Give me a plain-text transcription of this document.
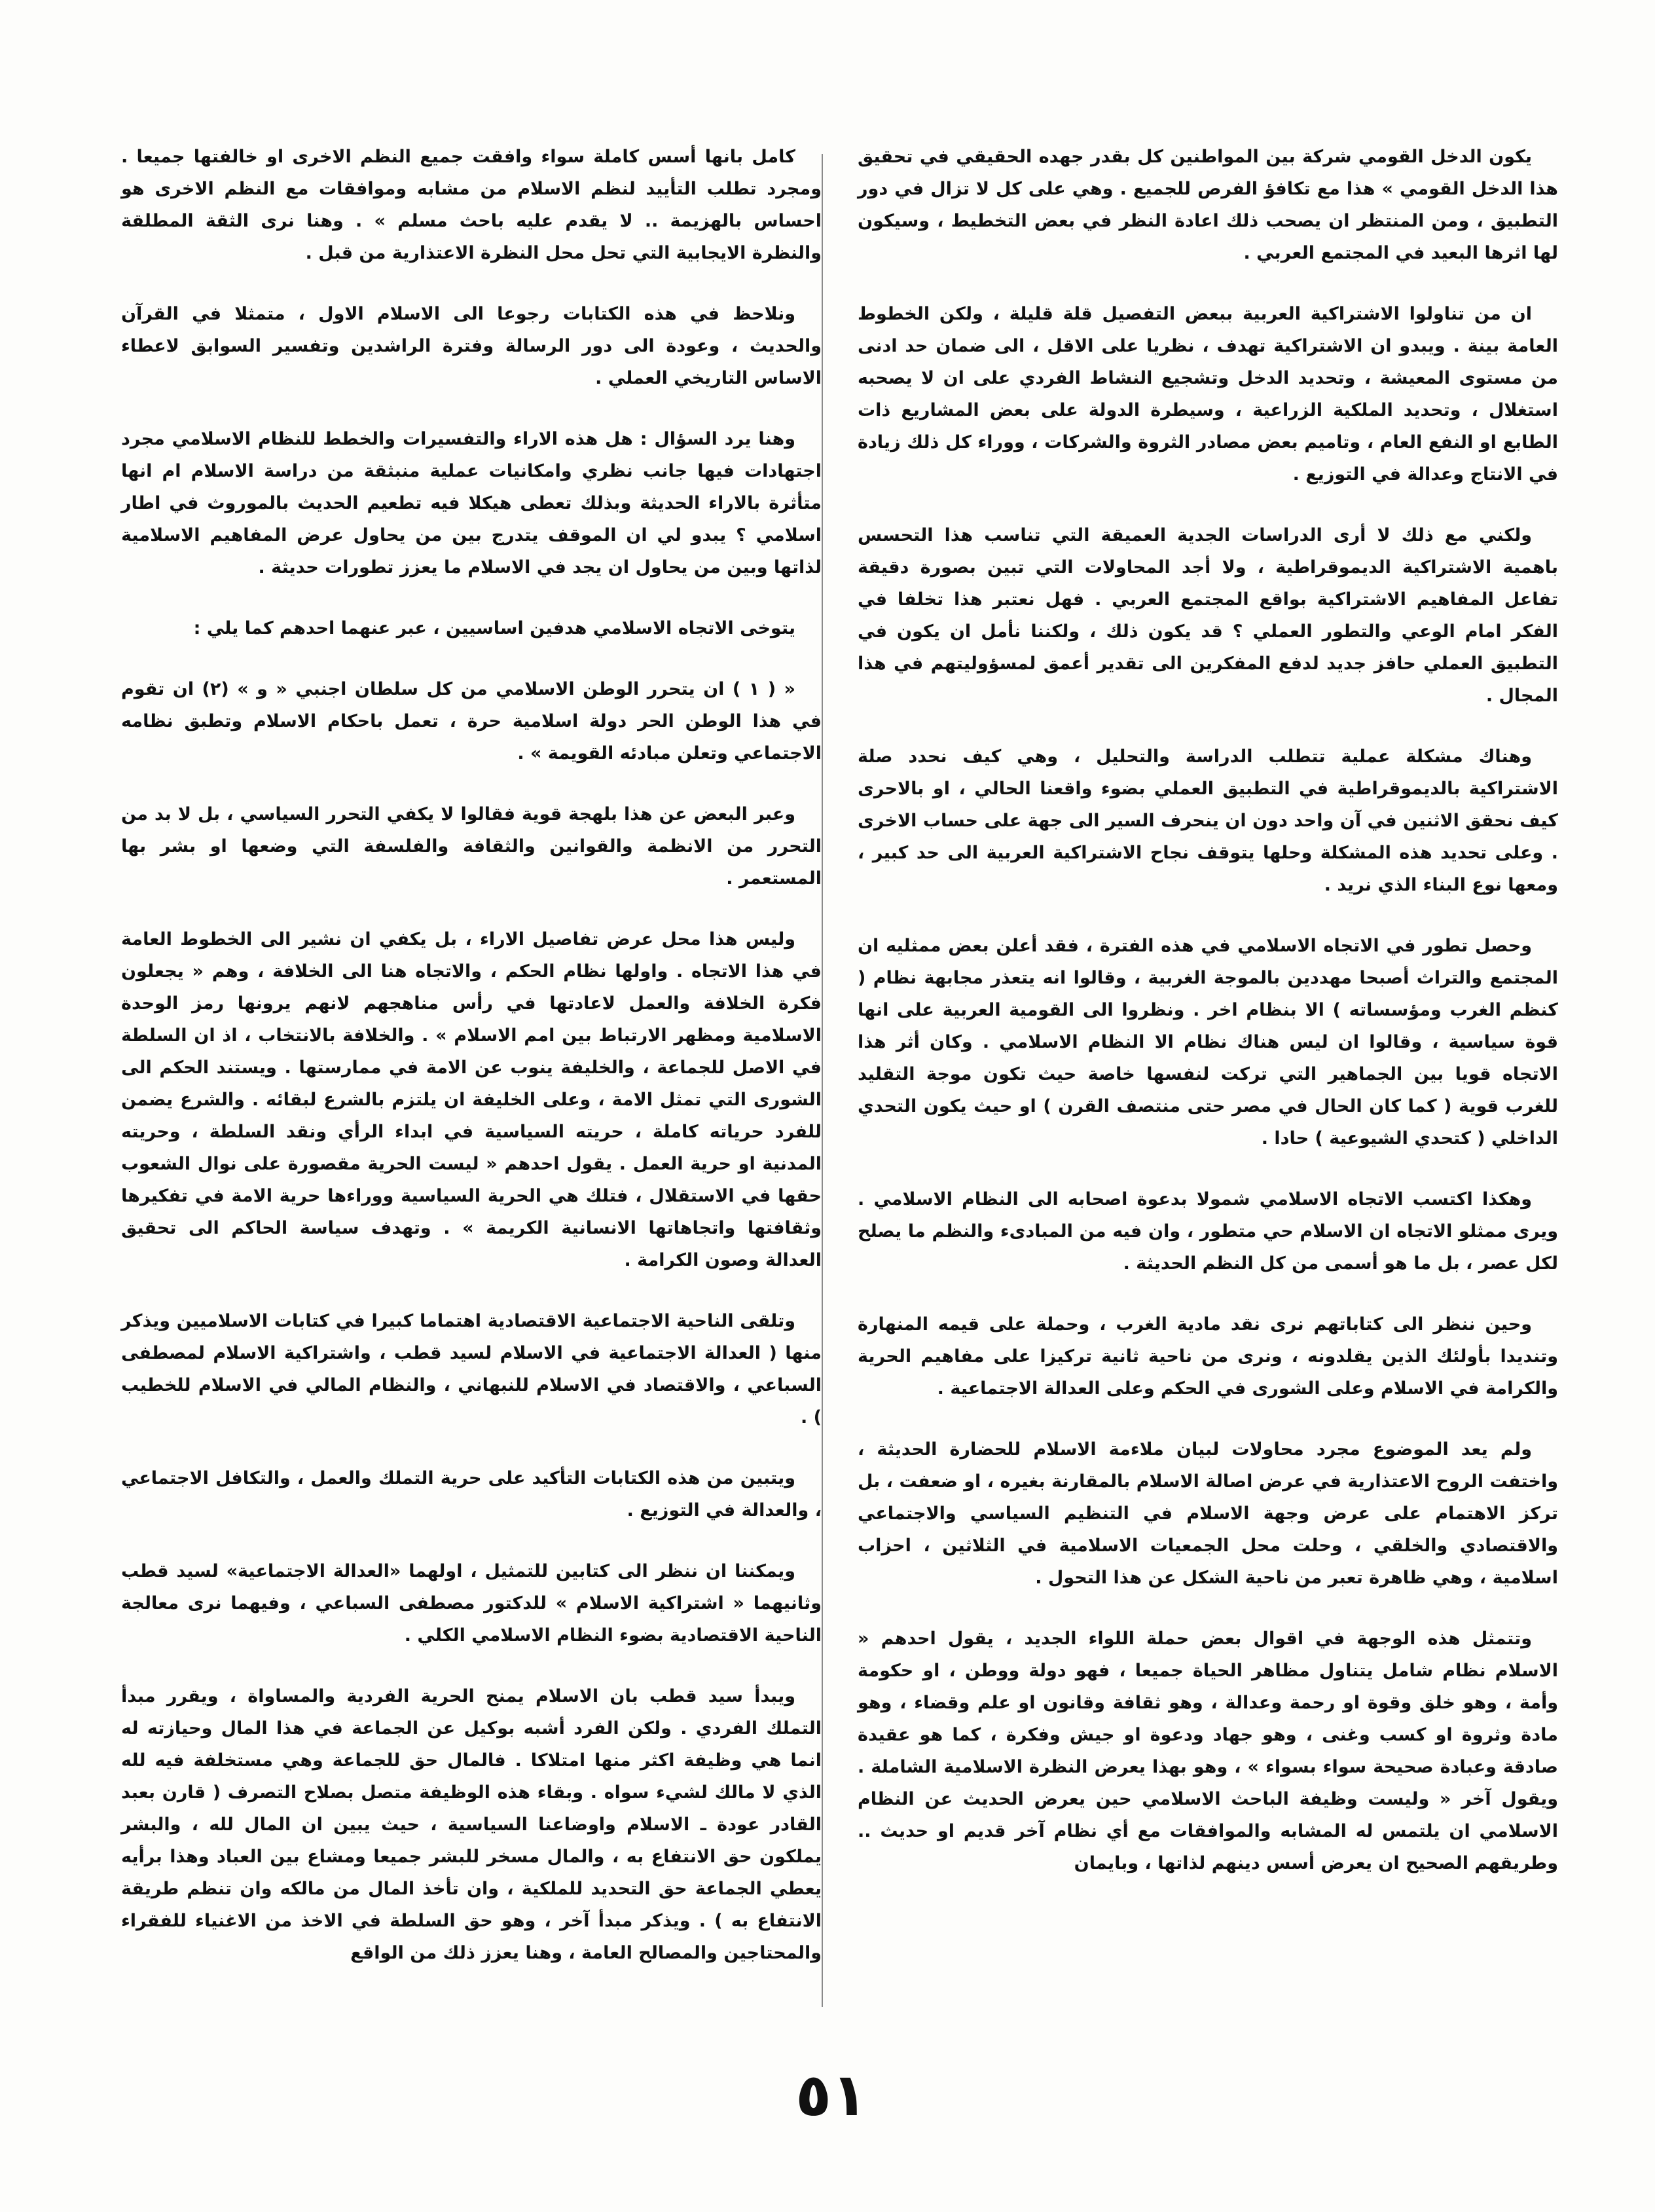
يكون الدخل القومي شركة بين المواطنين كل بقدر جهده الحقيقي في تحقيق هذا الدخل القومي » هذا مع تكافؤ الفرص للجميع . وهي على كل لا تزال في دور التطبيق ، ومن المنتظر ان يصحب ذلك اعادة النظر في بعض التخطيط ، وسيكون لها اثرها البعيد في المجتمع العربي .

ان من تناولوا الاشتراكية العربية ببعض التفصيل قلة قليلة ، ولكن الخطوط العامة بينة . ويبدو ان الاشتراكية تهدف ، نظريا على الاقل ، الى ضمان حد ادنى من مستوى المعيشة ، وتحديد الدخل وتشجيع النشاط الفردي على ان لا يصحبه استغلال ، وتحديد الملكية الزراعية ، وسيطرة الدولة على بعض المشاريع ذات الطابع او النفع العام ، وتاميم بعض مصادر الثروة والشركات ، ووراء كل ذلك زيادة في الانتاج وعدالة في التوزيع .

ولكني مع ذلك لا أرى الدراسات الجدية العميقة التي تناسب هذا التحسس باهمية الاشتراكية الديموقراطية ، ولا أجد المحاولات التي تبين بصورة دقيقة تفاعل المفاهيم الاشتراكية بواقع المجتمع العربي . فهل نعتبر هذا تخلفا في الفكر امام الوعي والتطور العملي ؟ قد يكون ذلك ، ولكننا نأمل ان يكون في التطبيق العملي حافز جديد لدفع المفكرين الى تقدير أعمق لمسؤوليتهم في هذا المجال .

وهناك مشكلة عملية تتطلب الدراسة والتحليل ، وهي كيف نحدد صلة الاشتراكية بالديموقراطية في التطبيق العملي بضوء واقعنا الحالي ، او بالاحرى كيف نحقق الاثنين في آن واحد دون ان ينحرف السير الى جهة على حساب الاخرى . وعلى تحديد هذه المشكلة وحلها يتوقف نجاح الاشتراكية العربية الى حد كبير ، ومعها نوع البناء الذي نريد .

وحصل تطور في الاتجاه الاسلامي في هذه الفترة ، فقد أعلن بعض ممثليه ان المجتمع والتراث أصبحا مهددين بالموجة الغربية ، وقالوا انه يتعذر مجابهة نظام ( كنظم الغرب ومؤسساته ) الا بنظام اخر . ونظروا الى القومية العربية على انها قوة سياسية ، وقالوا ان ليس هناك نظام الا النظام الاسلامي . وكان أثر هذا الاتجاه قويا بين الجماهير التي تركت لنفسها خاصة حيث تكون موجة التقليد للغرب قوية ( كما كان الحال في مصر حتى منتصف القرن ) او حيث يكون التحدي الداخلي ( كتحدي الشيوعية ) حادا .

وهكذا اكتسب الاتجاه الاسلامي شمولا بدعوة اصحابه الى النظام الاسلامي . ويرى ممثلو الاتجاه ان الاسلام حي متطور ، وان فيه من المبادىء والنظم ما يصلح لكل عصر ، بل ما هو أسمى من كل النظم الحديثة .

وحين ننظر الى كتاباتهم نرى نقد مادية الغرب ، وحملة على قيمه المنهارة وتنديدا بأولئك الذين يقلدونه ، ونرى من ناحية ثانية تركيزا على مفاهيم الحرية والكرامة في الاسلام وعلى الشورى في الحكم وعلى العدالة الاجتماعية .

ولم يعد الموضوع مجرد محاولات لبيان ملاءمة الاسلام للحضارة الحديثة ، واختفت الروح الاعتذارية في عرض اصالة الاسلام بالمقارنة بغيره ، او ضعفت ، بل تركز الاهتمام على عرض وجهة الاسلام في التنظيم السياسي والاجتماعي والاقتصادي والخلقي ، وحلت محل الجمعيات الاسلامية في الثلاثين ، احزاب اسلامية ، وهي ظاهرة تعبر من ناحية الشكل عن هذا التحول .

وتتمثل هذه الوجهة في اقوال بعض حملة اللواء الجديد ، يقول احدهم « الاسلام نظام شامل يتناول مظاهر الحياة جميعا ، فهو دولة ووطن ، او حكومة وأمة ، وهو خلق وقوة او رحمة وعدالة ، وهو ثقافة وقانون او علم وقضاء ، وهو مادة وثروة او كسب وغنى ، وهو جهاد ودعوة او جيش وفكرة ، كما هو عقيدة صادقة وعبادة صحيحة سواء بسواء » ، وهو بهذا يعرض النظرة الاسلامية الشاملة . ويقول آخر « وليست وظيفة الباحث الاسلامي حين يعرض الحديث عن النظام الاسلامي ان يلتمس له المشابه والموافقات مع أي نظام آخر قديم او حديث .. وطريقهم الصحيح ان يعرض أسس دينهم لذاتها ، وبايمان

كامل بانها أسس كاملة سواء وافقت جميع النظم الاخرى او خالفتها جميعا . ومجرد تطلب التأييد لنظم الاسلام من مشابه وموافقات مع النظم الاخرى هو احساس بالهزيمة .. لا يقدم عليه باحث مسلم » . وهنا نرى الثقة المطلقة والنظرة الايجابية التي تحل محل النظرة الاعتذارية من قبل .

ونلاحظ في هذه الكتابات رجوعا الى الاسلام الاول ، متمثلا في القرآن والحديث ، وعودة الى دور الرسالة وفترة الراشدين وتفسير السوابق لاعطاء الاساس التاريخي العملي .

وهنا يرد السؤال : هل هذه الاراء والتفسيرات والخطط للنظام الاسلامي مجرد اجتهادات فيها جانب نظري وامكانيات عملية منبثقة من دراسة الاسلام ام انها متأثرة بالاراء الحديثة وبذلك تعطى هيكلا فيه تطعيم الحديث بالموروث في اطار اسلامي ؟ يبدو لي ان الموقف يتدرج بين من يحاول عرض المفاهيم الاسلامية لذاتها وبين من يحاول ان يجد في الاسلام ما يعزز تطورات حديثة .

يتوخى الاتجاه الاسلامي هدفين اساسيين ، عبر عنهما احدهم كما يلي :

« ( ١ ) ان يتحرر الوطن الاسلامي من كل سلطان اجنبي « و » (٢) ان تقوم في هذا الوطن الحر دولة اسلامية حرة ، تعمل باحكام الاسلام وتطبق نظامه الاجتماعي وتعلن مبادئه القويمة » .

وعبر البعض عن هذا بلهجة قوية فقالوا لا يكفي التحرر السياسي ، بل لا بد من التحرر من الانظمة والقوانين والثقافة والفلسفة التي وضعها او بشر بها المستعمر .

وليس هذا محل عرض تفاصيل الاراء ، بل يكفي ان نشير الى الخطوط العامة في هذا الاتجاه . واولها نظام الحكم ، والاتجاه هنا الى الخلافة ، وهم « يجعلون فكرة الخلافة والعمل لاعادتها في رأس مناهجهم لانهم يرونها رمز الوحدة الاسلامية ومظهر الارتباط بين امم الاسلام » . والخلافة بالانتخاب ، اذ ان السلطة في الاصل للجماعة ، والخليفة ينوب عن الامة في ممارستها . ويستند الحكم الى الشورى التي تمثل الامة ، وعلى الخليفة ان يلتزم بالشرع لبقائه . والشرع يضمن للفرد حرياته كاملة ، حريته السياسية في ابداء الرأي ونقد السلطة ، وحريته المدنية او حرية العمل . يقول احدهم « ليست الحرية مقصورة على نوال الشعوب حقها في الاستقلال ، فتلك هي الحرية السياسية ووراءها حرية الامة في تفكيرها وثقافتها واتجاهاتها الانسانية الكريمة » . وتهدف سياسة الحاكم الى تحقيق العدالة وصون الكرامة .

وتلقى الناحية الاجتماعية الاقتصادية اهتماما كبيرا في كتابات الاسلاميين ويذكر منها ( العدالة الاجتماعية في الاسلام لسيد قطب ، واشتراكية الاسلام لمصطفى السباعي ، والاقتصاد في الاسلام للنبهاني ، والنظام المالي في الاسلام للخطيب ) .

ويتبين من هذه الكتابات التأكيد على حرية التملك والعمل ، والتكافل الاجتماعي ، والعدالة في التوزيع .

ويمكننا ان ننظر الى كتابين للتمثيل ، اولهما «العدالة الاجتماعية» لسيد قطب وثانيهما « اشتراكية الاسلام » للدكتور مصطفى السباعي ، وفيهما نرى معالجة الناحية الاقتصادية بضوء النظام الاسلامي الكلي .

ويبدأ سيد قطب بان الاسلام يمنح الحرية الفردية والمساواة ، ويقرر مبدأ التملك الفردي . ولكن الفرد أشبه بوكيل عن الجماعة في هذا المال وحيازته له انما هي وظيفة اكثر منها امتلاكا . فالمال حق للجماعة وهي مستخلفة فيه لله الذي لا مالك لشيء سواه . وبقاء هذه الوظيفة متصل بصلاح التصرف ( قارن بعبد القادر عودة ـ الاسلام واوضاعنا السياسية ، حيث يبين ان المال لله ، والبشر يملكون حق الانتفاع به ، والمال مسخر للبشر جميعا ومشاع بين العباد وهذا برأيه يعطي الجماعة حق التحديد للملكية ، وان تأخذ المال من مالكه وان تنظم طريقة الانتفاع به ) . ويذكر مبدأ آخر ، وهو حق السلطة في الاخذ من الاغنياء للفقراء والمحتاجين والمصالح العامة ، وهنا يعزز ذلك من الواقع

٥١
